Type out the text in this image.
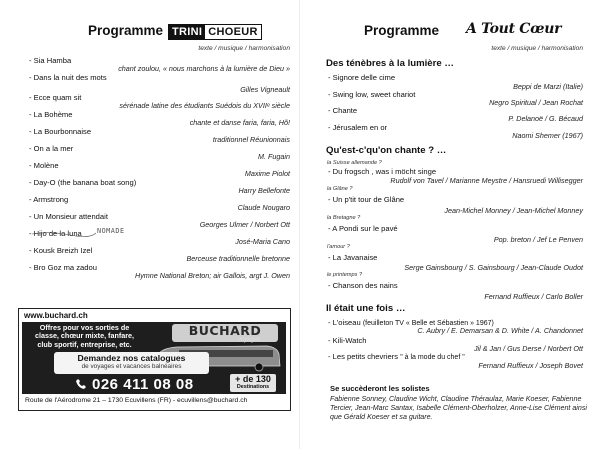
Programme TRINI CHOEUR
texte / musique / harmonisation
- Sia Hamba
chant zoulou, « nous marchons à la lumière de Dieu »
- Dans la nuit des mots
Gilles Vigneault
- Ecce quam sit
sérénade latine des étudiants Suédois du XVIIᵉ siècle
- La Bohème
chante et danse faria, faria, Hõ!
- La Bourbonnaise
traditionnel Réunionnais
- On a la mer
M. Fugain
- Molène
Maxime Piolot
- Day-O (the banana boat song)
Harry Bellefonte
- Armstrong
Claude Nougaro
- Un Monsieur attendait
Georges Ulmer / Norbert Ott
- Hijo de la luna NOMADE
José-Maria Cano
- Kousk Breizh Izel
Berceuse traditionnelle bretonne
- Bro Goz ma zadou
Hymne National Breton; air Gallois, argt J. Owen
www.buchard.ch
Offres pour vos sorties de classe, chœur mixte, fanfare, club sportif, entreprise, etc.
BUCHARD
voyages
Demandez nos catalogues
de voyages et vacances balnéaires
026 411 08 08	+ de 130
Destinations
Route de l'Aérodrome 21 – 1730 Ecuvillens (FR) - ecuvillens@buchard.ch
Programme A Tout Cœur
texte / musique / harmonisation
Des ténèbres à la lumière …
- Signore delle cime
Beppi de Marzi (Italie)
- Swing low, sweet chariot
Negro Spiritual / Jean Rochat
- Chante
P. Delanoë / G. Bécaud
- Jérusalem en or
Naomi Shemer (1967)
Qu'est-c'qu'on chante ? …
la Suisse allemande ?
- Du frogsch , was i möcht singe
Rudolf von Tavel / Marianne Meystre / Hansruedi Willisegger
la Glâne ?
- Un p'tit tour de Glâne
Jean-Michel Monney / Jean-Michel Monney
la Bretagne ?
- A Pondi sur le pavé
Pop. breton / Jef Le Penven
l'amour ?
- La Javanaise
Serge Gainsbourg / S. Gainsbourg / Jean-Claude Oudot
le printemps ?
- Chanson des nains
Fernand Ruffieux / Carlo Boller
Il était une fois …
- L'oiseau (feuilleton TV « Belle et Sébastien » 1967)
C. Aubry / E. Demarsan & D. White / A. Chandonnet
- Kili-Watch
Jil & Jan / Gus Derse / Norbert Ott
- Les petits chevriers " à la mode du chef "
Fernand Ruffieux / Joseph Bovet
Se succèderont les solistes
Fabienne Sonney, Claudine Wicht, Claudine Théraulaz, Marie Koeser, Fabienne Tercier, Jean-Marc Santax, Isabelle Clément-Oberholzer, Anne-Lise Clément ainsi que Gérald Koeser et sa guitare.
